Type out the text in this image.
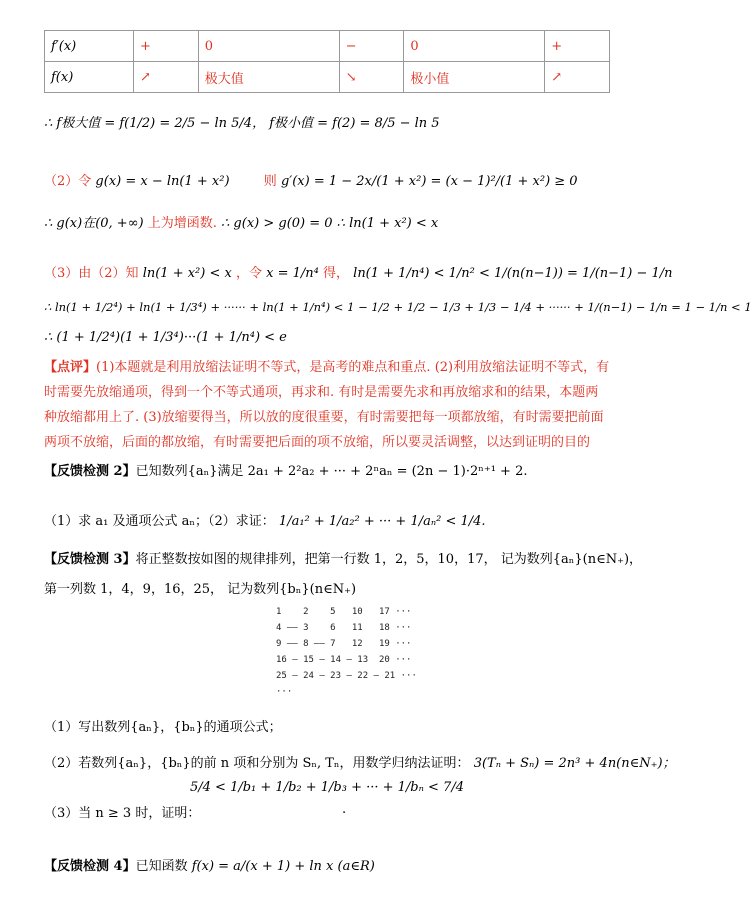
f′(x)	+	0	−	0	+
f(x)	↗	极大值	↘	极小值	↗
∴ f极大值 = f(1/2) = 2/5 − ln 5/4， f极小值 = f(2) = 8/5 − ln 5
（2）令 g(x) = x − ln(1 + x²)	则 g′(x) = 1 − 2x/(1 + x²) = (x − 1)²/(1 + x²) ≥ 0
∴ g(x)在(0, +∞) 上为增函数. ∴ g(x) > g(0) = 0 ∴ ln(1 + x²) < x
（3）由（2）知 ln(1 + x²) < x ，令 x = 1/n⁴ 得， ln(1 + 1/n⁴) < 1/n² < 1/(n(n−1)) = 1/(n−1) − 1/n
∴ ln(1 + 1/2⁴) + ln(1 + 1/3⁴) + ······ + ln(1 + 1/n⁴) < 1 − 1/2 + 1/2 − 1/3 + 1/3 − 1/4 + ······ + 1/(n−1) − 1/n = 1 − 1/n < 1
∴ (1 + 1/2⁴)(1 + 1/3⁴)···(1 + 1/n⁴) < e
【点评】(1)本题就是利用放缩法证明不等式，是高考的难点和重点. (2)利用放缩法证明不等式，有时需要先放缩通项，得到一个不等式通项，再求和. 有时是需要先求和再放缩求和的结果，本题两种放缩都用上了. (3)放缩要得当，所以放的度很重要，有时需要把每一项都放缩，有时需要把前面两项不放缩，后面的都放缩，有时需要把后面的项不放缩，所以要灵活调整，以达到证明的目的
【反馈检测 2】已知数列{aₙ}满足 2a₁ + 2²a₂ + ··· + 2ⁿaₙ = (2n − 1)·2ⁿ⁺¹ + 2.
（1）求 a₁ 及通项公式 aₙ；（2）求证： 1/a₁² + 1/a₂² + ··· + 1/aₙ² < 1/4.
【反馈检测 3】将正整数按如图的规律排列，把第一行数 1，2，5，10，17， 记为数列{aₙ}(n∈N₊)，
第一列数 1，4，9，16，25， 记为数列{bₙ}(n∈N₊)
1    2    5   10   17 ···
4 —— 3    6   11   18 ···
9 —— 8 —— 7   12   19 ···
16 — 15 — 14 — 13  20 ···
25 — 24 — 23 — 22 — 21 ···
···
（1）写出数列{aₙ}，{bₙ}的通项公式；
（2）若数列{aₙ}，{bₙ}的前 n 项和分别为 Sₙ, Tₙ，用数学归纳法证明： 3(Tₙ + Sₙ) = 2n³ + 4n(n∈N₊)；
5/4 < 1/b₁ + 1/b₂ + 1/b₃ + ··· + 1/bₙ < 7/4
（3）当 n ≥ 3 时，证明：	.
【反馈检测 4】已知函数 f(x) = a/(x + 1) + ln x (a∈R)
